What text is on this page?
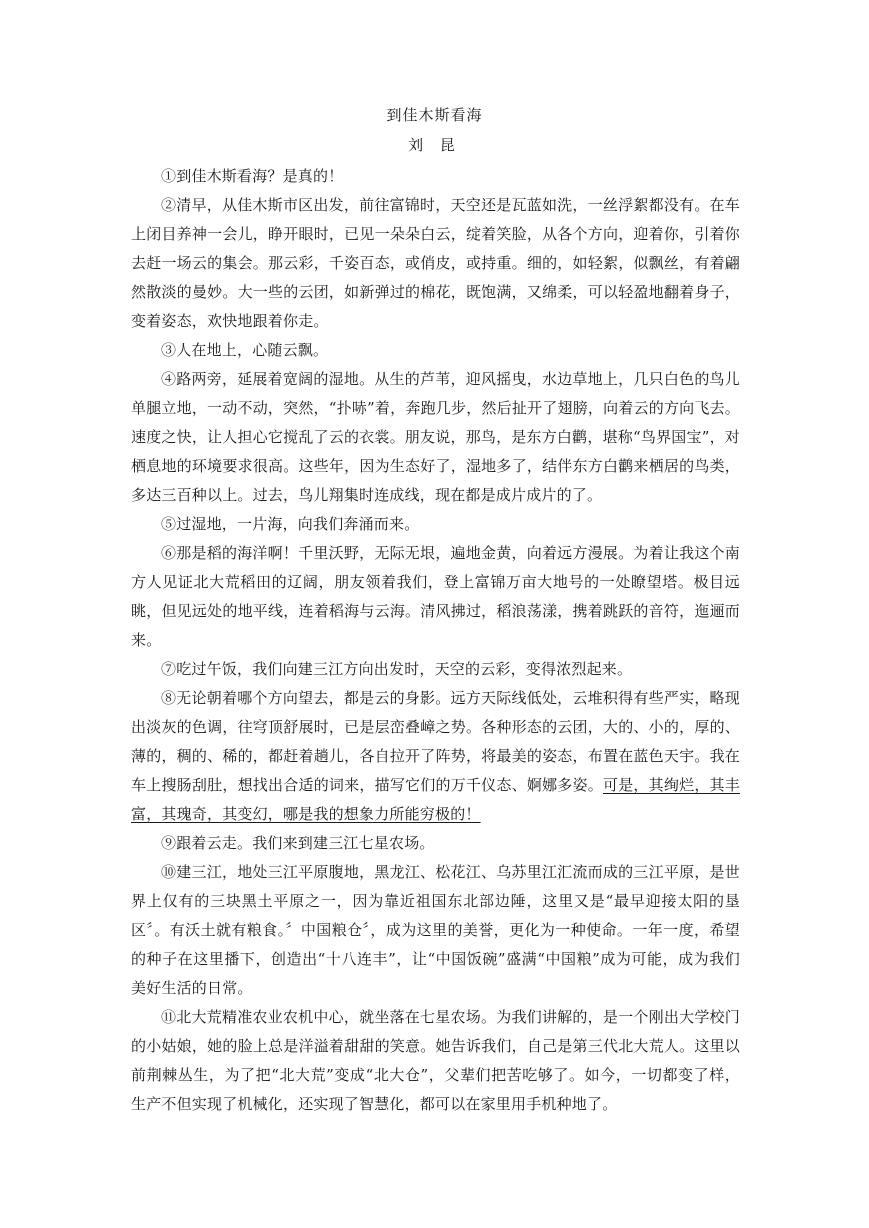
到佳木斯看海
刘 昆

①到佳木斯看海？是真的！

②清早，从佳木斯市区出发，前往富锦时，天空还是瓦蓝如洗，一丝浮絮都没有。在车上闭目养神一会儿，睁开眼时，已见一朵朵白云，绽着笑脸，从各个方向，迎着你，引着你去赶一场云的集会。那云彩，千姿百态，或俏皮，或持重。细的，如轻絮，似飘丝，有着翩然散淡的曼妙。大一些的云团，如新弹过的棉花，既饱满，又绵柔，可以轻盈地翻着身子，变着姿态，欢快地跟着你走。

③人在地上，心随云飘。

④路两旁，延展着宽阔的湿地。从生的芦苇，迎风摇曳，水边草地上，几只白色的鸟儿单腿立地，一动不动，突然，“扑哧”着，奔跑几步，然后扯开了翅膀，向着云的方向飞去。速度之快，让人担心它搅乱了云的衣裳。朋友说，那鸟，是东方白鹳，堪称“鸟界国宝”，对栖息地的环境要求很高。这些年，因为生态好了，湿地多了，结伴东方白鹳来栖居的鸟类，多达三百种以上。过去，鸟儿翔集时连成线，现在都是成片成片的了。

⑤过湿地，一片海，向我们奔涌而来。

⑥那是稻的海洋啊！千里沃野，无际无垠，遍地金黄，向着远方漫展。为着让我这个南方人见证北大荒稻田的辽阔，朋友领着我们，登上富锦万亩大地号的一处瞭望塔。极目远眺，但见远处的地平线，连着稻海与云海。清风拂过，稻浪荡漾，携着跳跃的音符，迤逦而来。

⑦吃过午饭，我们向建三江方向出发时，天空的云彩，变得浓烈起来。

⑧无论朝着哪个方向望去，都是云的身影。远方天际线低处，云堆积得有些严实，略现出淡灰的色调，往穹顶舒展时，已是层峦叠嶂之势。各种形态的云团，大的、小的，厚的、薄的，稠的、稀的，都赶着趟儿，各自拉开了阵势，将最美的姿态，布置在蓝色天宇。我在车上搜肠刮肚，想找出合适的词来，描写它们的万千仪态、婀娜多姿。可是，其绚烂，其丰富，其瑰奇，其变幻，哪是我的想象力所能穷极的！

⑨跟着云走。我们来到建三江七星农场。

⑩建三江，地处三江平原腹地，黑龙江、松花江、乌苏里江汇流而成的三江平原，是世界上仅有的三块黑土平原之一，因为靠近祖国东北部边陲，这里又是“最早迎接太阳的垦区〞。有沃土就有粮食。〞中国粮仓〞，成为这里的美誉，更化为一种使命。一年一度，希望的种子在这里播下，创造出“十八连丰”，让“中国饭碗”盛满“中国粮”成为可能，成为我们美好生活的日常。

⑪北大荒精准农业农机中心，就坐落在七星农场。为我们讲解的，是一个刚出大学校门的小姑娘，她的脸上总是洋溢着甜甜的笑意。她告诉我们，自己是第三代北大荒人。这里以前荆棘丛生，为了把“北大荒”变成“北大仓”，父辈们把苦吃够了。如今，一切都变了样，生产不但实现了机械化，还实现了智慧化，都可以在家里用手机种地了。
